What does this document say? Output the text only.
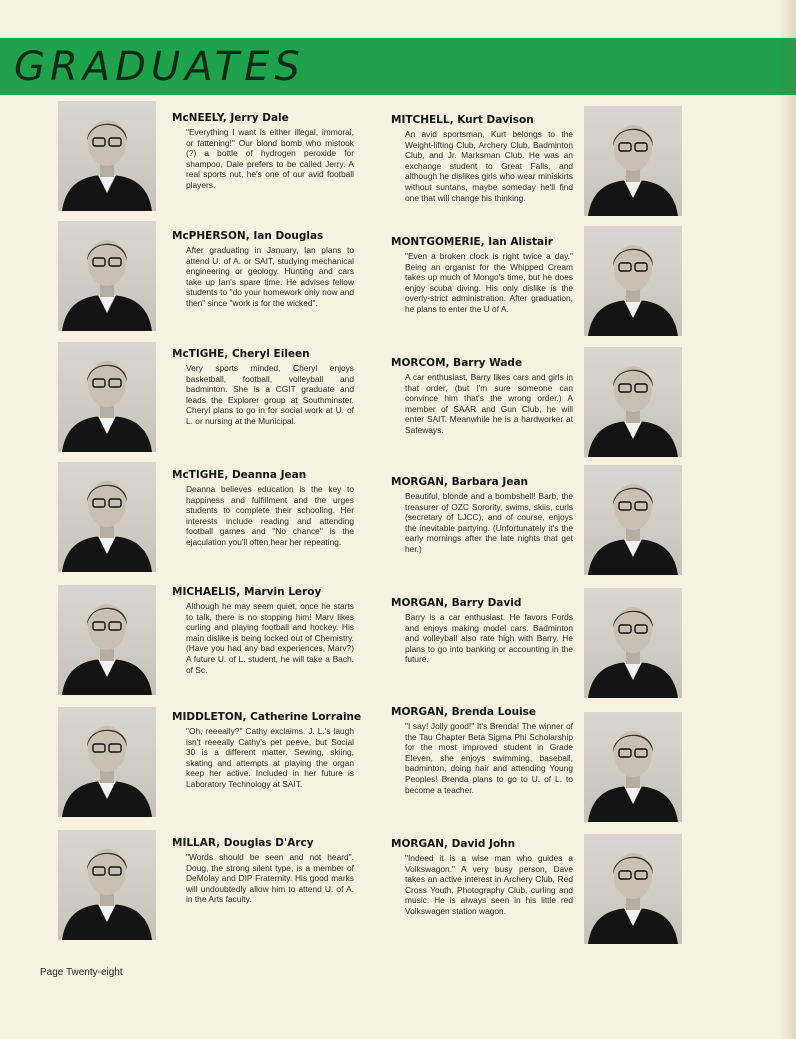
GRADUATES
McNEELY, Jerry Dale

"Everything I want is either illegal, immoral, or fattening!" Our blond bomb who mistook (?) a bottle of hydrogen peroxide for shampoo, Dale prefers to be called Jerry. A real sports nut, he's one of our avid football players.

McPHERSON, Ian Douglas

After graduating in January, Ian plans to attend U. of A. or SAIT, studying mechanical engineering or geology. Hunting and cars take up Ian's spare time. He advises fellow students to "do your homework only now and then" since "work is for the wicked".

McTIGHE, Cheryl Eileen

Very sports minded, Cheryl enjoys basketball, football, volleyball and badminton. She is a CGIT graduate and leads the Explorer group at Southminster. Cheryl plans to go in for social work at U. of L. or nursing at the Municipal.

McTIGHE, Deanna Jean

Deanna believes education is the key to happiness and fulfillment and the urges students to complete their schooling. Her interests include reading and attending football games and "No chance" is the ejaculation you'll often hear her repeating.

MICHAELIS, Marvin Leroy

Although he may seem quiet, once he starts to talk, there is no stopping him! Marv likes curling and playing football and hockey. His main dislike is being locked out of Chemistry. (Have you had any bad experiences, Marv?) A future U. of L. student, he will take a Bach. of Sc.

MIDDLETON, Catherine Lorraine

"Oh, reeeally?" Cathy exclaims. J. L.'s laugh isn't reeeally Cathy's pet peeve, but Social 30 is a different matter. Sewing, skiing, skating and attempts at playing the organ keep her active. Included in her future is Laboratory Technology at SAIT.

MILLAR, Douglas D'Arcy

"Words should be seen and not heard". Doug, the strong silent type, is a member of DeMolay and DIP Fraternity. His good marks will undoubtedly allow him to attend U. of A. in the Arts faculty.

MITCHELL, Kurt Davison

An avid sportsman, Kurt belongs to the Weight-lifting Club, Archery Club, Badminton Club, and Jr. Marksman Club. He was an exchange student to Great Falls, and although he dislikes girls who wear miniskirts without suntans, maybe someday he'll find one that will change his thinking.

MONTGOMERIE, Ian Alistair

"Even a broken clock is right twice a day." Being an organist for the Whipped Cream takes up much of Mongo's time, but he does enjoy scuba diving. His only dislike is the overly-strict administration. After graduation, he plans to enter the U of A.

MORCOM, Barry Wade

A car enthusiast, Barry likes cars and girls in that order, (but I'm sure someone can convince him that's the wrong order.) A member of SAAR and Gun Club, he will enter SAIT. Meanwhile he is a hardworker at Safeways.

MORGAN, Barbara Jean

Beautiful, blonde and a bombshell! Barb, the treasurer of OZC Sorority, swims, skiis, curls (secretary of LJCC), and of course, enjoys the inevitable partying. (Unfortunately it's the early mornings after the late nights that get her.)

MORGAN, Barry David

Barry is a car enthusiast. He favors Fords and enjoys making model cars. Badminton and volleyball also rate high with Barry. He plans to go into banking or accounting in the future.

MORGAN, Brenda Louise

"I say! Jolly good!" It's Brenda! The winner of the Tau Chapter Beta Sigma Phi Scholarship for the most improved student in Grade Eleven, she enjoys swimming, baseball, badminton, doing hair and attending Young Peoples! Brenda plans to go to U. of L. to become a teacher.

MORGAN, David John

"Indeed it is a wise man who guides a Volkswagon." A very busy person, Dave takes an active interest in Archery Club, Red Cross Youth, Photography Club, curling and music. He is always seen in his little red Volkswagen station wagon.

Page Twenty-eight
